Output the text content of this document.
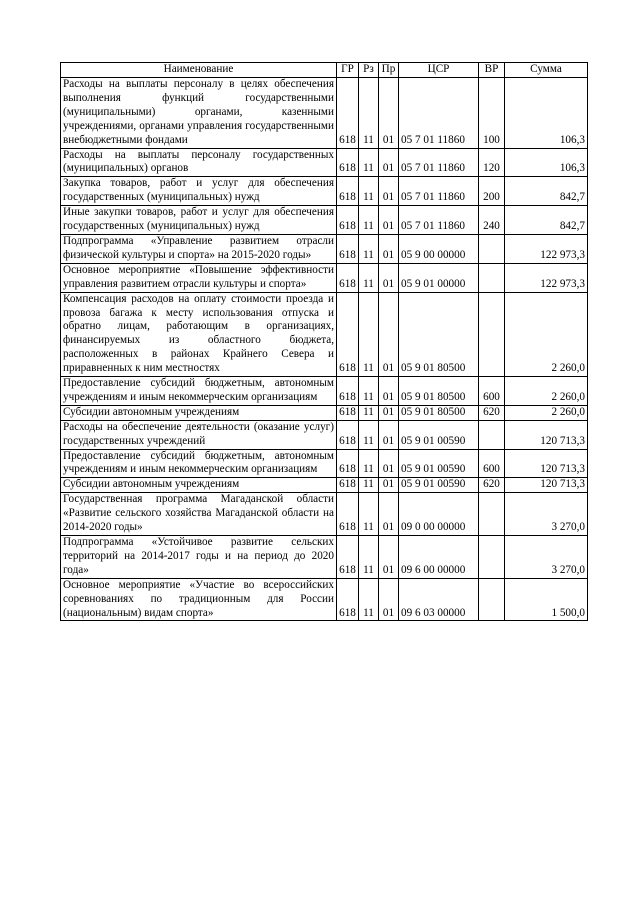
Наименование	ГР	Рз	Пр	ЦСР	ВР	Сумма
Расходы на выплаты персоналу в целях обеспечения выполнения функций государственными (муниципальными) органами, казенными учреждениями, органами управления государственными внебюджетными фондами	618	11	01	05 7 01 11860	100	106,3
Расходы на выплаты персоналу государственных (муниципальных) органов	618	11	01	05 7 01 11860	120	106,3
Закупка товаров, работ и услуг для обеспечения государственных (муниципальных) нужд	618	11	01	05 7 01 11860	200	842,7
Иные закупки товаров, работ и услуг для обеспечения государственных (муниципальных) нужд	618	11	01	05 7 01 11860	240	842,7
Подпрограмма «Управление развитием отрасли физической культуры и спорта» на 2015-2020 годы»	618	11	01	05 9 00 00000		122 973,3
Основное мероприятие «Повышение эффективности управления развитием отрасли культуры и спорта»	618	11	01	05 9 01 00000		122 973,3
Компенсация расходов на оплату стоимости проезда и провоза багажа к месту использования отпуска и обратно лицам, работающим в организациях, финансируемых из областного бюджета, расположенных в районах Крайнего Севера и приравненных к ним местностях	618	11	01	05 9 01 80500		2 260,0
Предоставление субсидий бюджетным, автономным учреждениям и иным некоммерческим организациям	618	11	01	05 9 01 80500	600	2 260,0
Субсидии автономным учреждениям	618	11	01	05 9 01 80500	620	2 260,0
Расходы на обеспечение деятельности (оказание услуг) государственных учреждений	618	11	01	05 9 01 00590		120 713,3
Предоставление субсидий бюджетным, автономным учреждениям и иным некоммерческим организациям	618	11	01	05 9 01 00590	600	120 713,3
Субсидии автономным учреждениям	618	11	01	05 9 01 00590	620	120 713,3
Государственная программа Магаданской области «Развитие сельского хозяйства Магаданской области на 2014-2020 годы»	618	11	01	09 0 00 00000		3 270,0
Подпрограмма «Устойчивое развитие сельских территорий на 2014-2017 годы и на период до 2020 года»	618	11	01	09 6 00 00000		3 270,0
Основное мероприятие «Участие во всероссийских соревнованиях по традиционным для России (национальным) видам спорта»	618	11	01	09 6 03 00000		1 500,0
